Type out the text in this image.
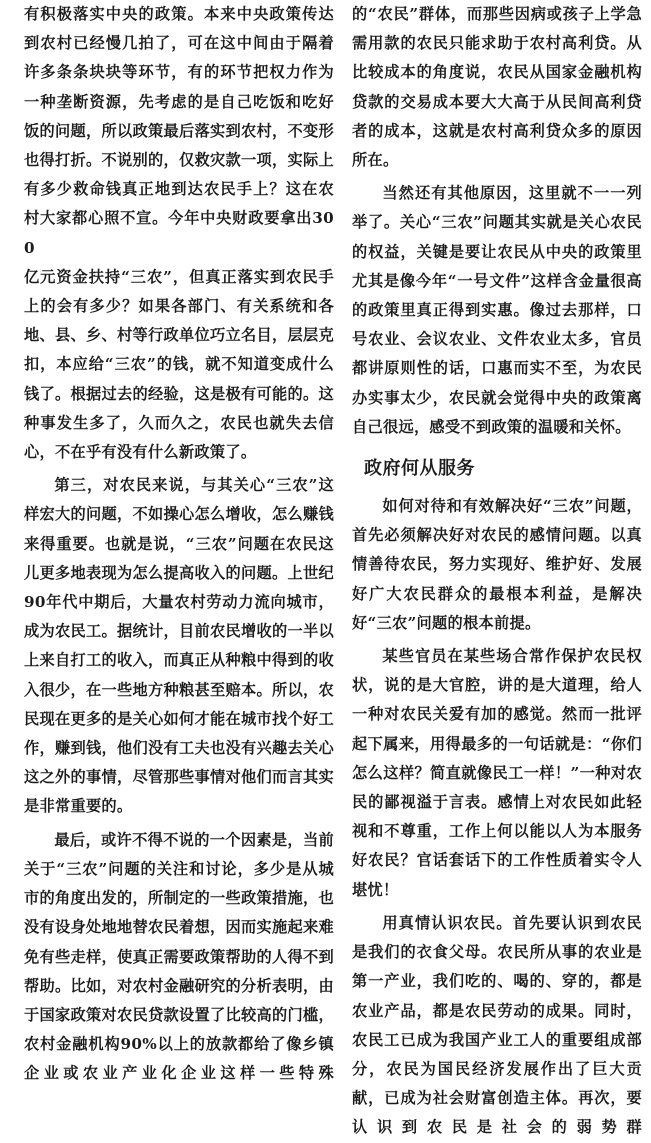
有积极落实中央的政策。本来中央政策传达

到农村已经慢几拍了，可在这中间由于隔着

许多条条块块等环节，有的环节把权力作为

一种垄断资源，先考虑的是自己吃饭和吃好

饭的问题，所以政策最后落实到农村，不变形

也得打折。不说别的，仅救灾款一项，实际上

有多少救命钱真正地到达农民手上？这在农

村大家都心照不宣。今年中央财政要拿出300

亿元资金扶持“三农”，但真正落实到农民手

上的会有多少？如果各部门、有关系统和各

地、县、乡、村等行政单位巧立名目，层层克

扣，本应给“三农”的钱，就不知道变成什么

钱了。根据过去的经验，这是极有可能的。这

种事发生多了，久而久之，农民也就失去信

心，不在乎有没有什么新政策了。

第三，对农民来说，与其关心“三农”这样宏大的问题，不如操心怎么增收，怎么赚钱来得重要。也就是说，“三农”问题在农民这儿更多地表现为怎么提高收入的问题。上世纪90年代中期后，大量农村劳动力流向城市，成为农民工。据统计，目前农民增收的一半以上来自打工的收入，而真正从种粮中得到的收入很少，在一些地方种粮甚至赔本。所以，农民现在更多的是关心如何才能在城市找个好工作，赚到钱，他们没有工夫也没有兴趣去关心这之外的事情，尽管那些事情对他们而言其实是非常重要的。

最后，或许不得不说的一个因素是，当前关于“三农”问题的关注和讨论，多少是从城市的角度出发的，所制定的一些政策措施，也没有设身处地地替农民着想，因而实施起来难免有些走样，使真正需要政策帮助的人得不到帮助。比如，对农村金融研究的分析表明，由于国家政策对农民贷款设置了比较高的门槛，农村金融机构90%以上的放款都给了像乡镇企业或农业产业化企业这样一些特殊

的“农民”群体，而那些因病或孩子上学急需用款的农民只能求助于农村高利贷。从比较成本的角度说，农民从国家金融机构贷款的交易成本要大大高于从民间高利贷者的成本，这就是农村高利贷众多的原因所在。

当然还有其他原因，这里就不一一列举了。关心“三农”问题其实就是关心农民的权益，关键是要让农民从中央的政策里尤其是像今年“一号文件”这样含金量很高的政策里真正得到实惠。像过去那样，口号农业、会议农业、文件农业太多，官员都讲原则性的话，口惠而实不至，为农民办实事太少，农民就会觉得中央的政策离自己很远，感受不到政策的温暖和关怀。

政府何从服务

如何对待和有效解决好“三农”问题，首先必须解决好对农民的感情问题。以真情善待农民，努力实现好、维护好、发展好广大农民群众的最根本利益，是解决好“三农”问题的根本前提。

某些官员在某些场合常作保护农民权状，说的是大官腔，讲的是大道理，给人一种对农民关爱有加的感觉。然而一批评起下属来，用得最多的一句话就是：“你们怎么这样？简直就像民工一样！”一种对农民的鄙视溢于言表。感情上对农民如此轻视和不尊重，工作上何以能以人为本服务好农民？官话套话下的工作性质着实令人堪忧！

用真情认识农民。首先要认识到农民是我们的衣食父母。农民所从事的农业是第一产业，我们吃的、喝的、穿的，都是农业产品，都是农民劳动的成果。同时，农民工已成为我国产业工人的重要组成部分，农民为国民经济发展作出了巨大贡献，已成为社会财富创造主体。再次，要认识到农民是社会的弱势群
